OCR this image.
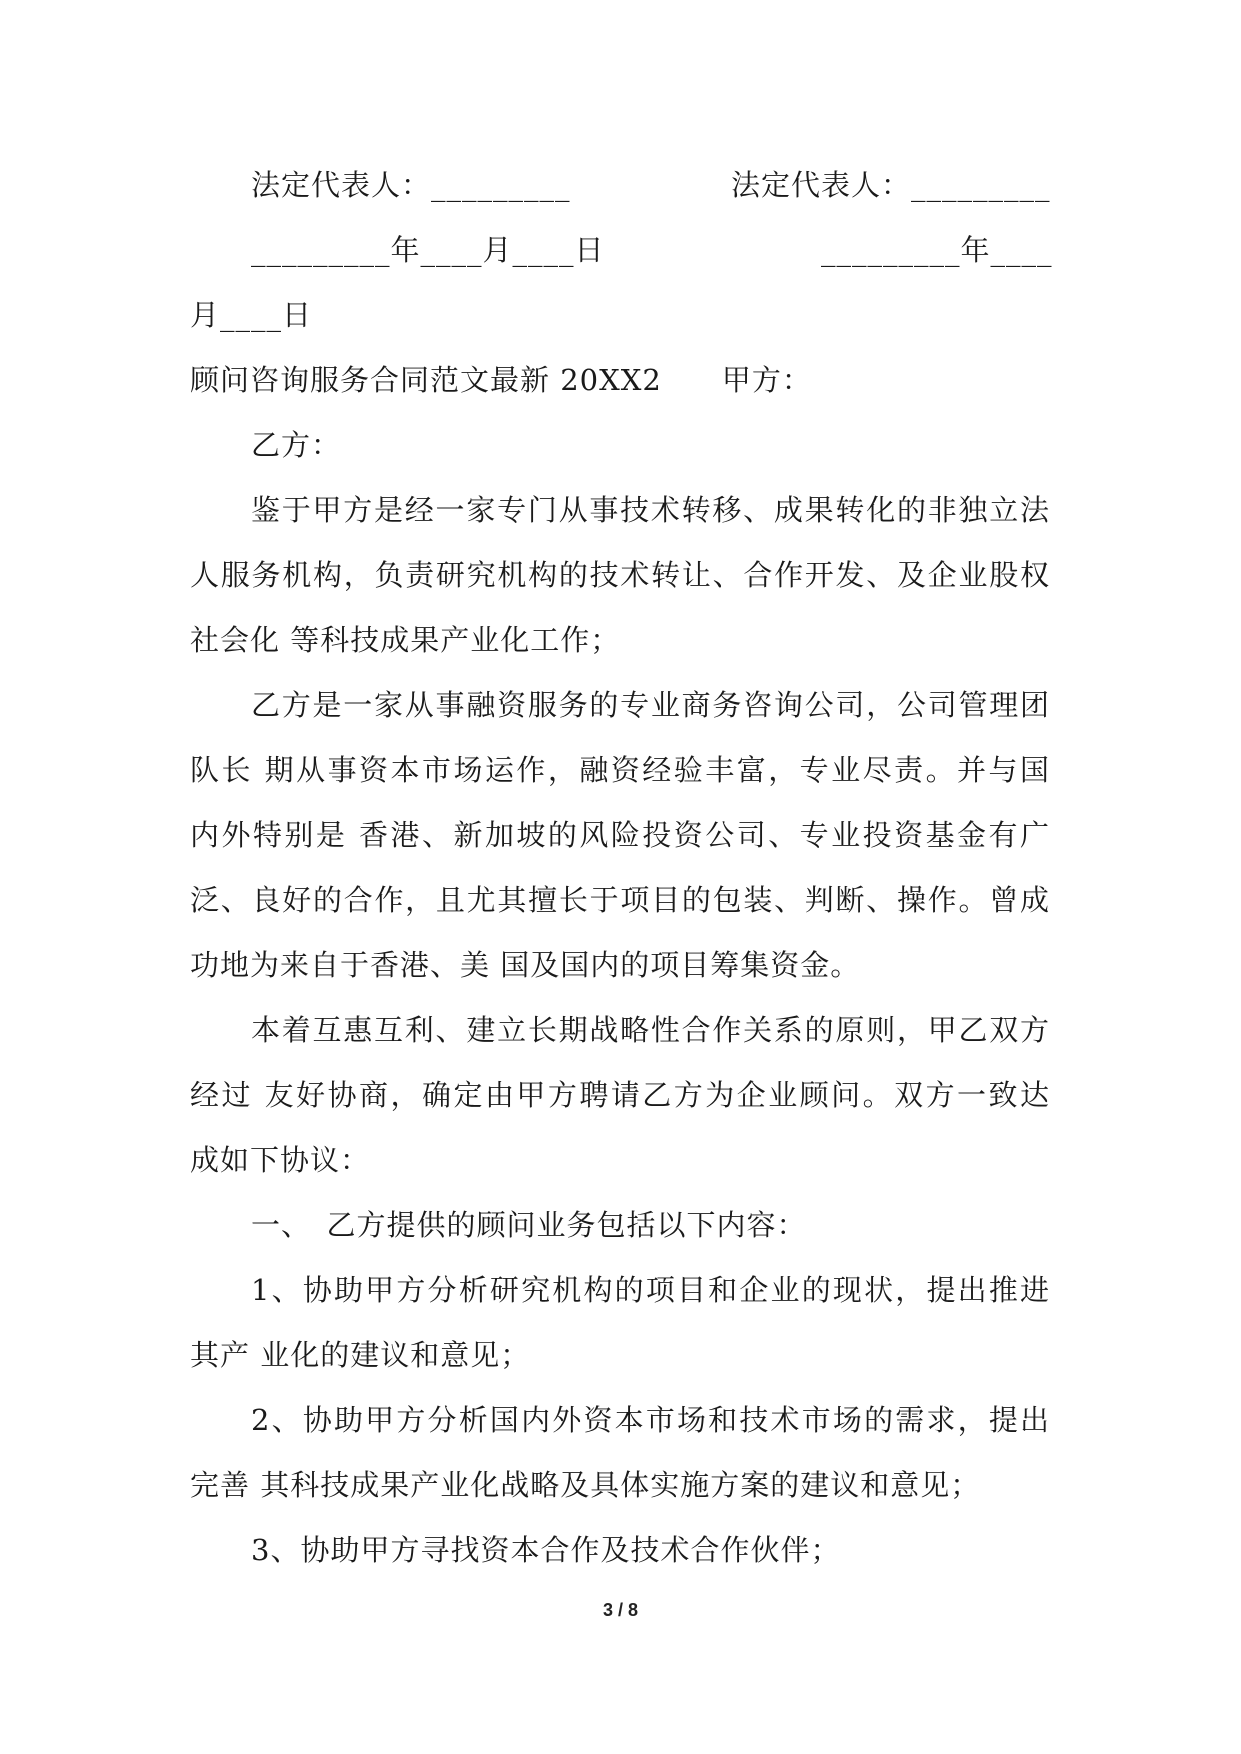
法定代表人：_________	法定代表人：_________
_________年____月____日	_________年____
月____日
顾问咨询服务合同范文最新 20XX2　　甲方：
乙方：
鉴于甲方是经一家专门从事技术转移、成果转化的非独立法
人服务机构，负责研究机构的技术转让、合作开发、及企业股权
社会化 等科技成果产业化工作；
乙方是一家从事融资服务的专业商务咨询公司，公司管理团
队长 期从事资本市场运作，融资经验丰富，专业尽责。并与国
内外特别是 香港、新加坡的风险投资公司、专业投资基金有广
泛、良好的合作，且尤其擅长于项目的包装、判断、操作。曾成
功地为来自于香港、美 国及国内的项目筹集资金。
本着互惠互利、建立长期战略性合作关系的原则，甲乙双方
经过 友好协商，确定由甲方聘请乙方为企业顾问。双方一致达
成如下协议：
一、　乙方提供的顾问业务包括以下内容：
1、协助甲方分析研究机构的项目和企业的现状，提出推进
其产 业化的建议和意见；
2、协助甲方分析国内外资本市场和技术市场的需求，提出
完善 其科技成果产业化战略及具体实施方案的建议和意见；
3、协助甲方寻找资本合作及技术合作伙伴；
3 / 8
